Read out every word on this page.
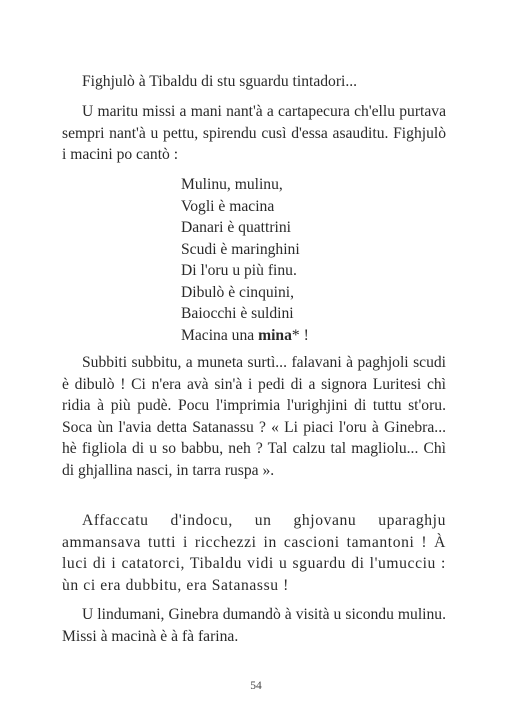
Fighjulò à Tibaldu di stu sguardu tintadori...

U maritu missi a mani nant'à a cartapecura ch'ellu purtava sempri nant'à u pettu, spirendu cusì d'essa asauditu. Fighjulò i macini po cantò :

Mulinu, mulinu,
Vogli è macina
Danari è quattrini
Scudi è maringhini
Di l'oru u più finu.
Dibulò è cinquini,
Baiocchi è suldini
Macina una mina* !

Subbiti subbitu, a muneta surtì... falavani à paghjoli scudi è dibulò ! Ci n'era avà sin'à i pedi di a signora Luritesi chì ridia à più pudè. Pocu l'imprimia l'urighjini di tuttu st'oru. Soca ùn l'avia detta Satanassu ? « Li piaci l'oru à Ginebra... hè figliola di u so babbu, neh ? Tal calzu tal magliolu... Chì di ghjallina nasci, in tarra ruspa ».

Affaccatu d'indocu, un ghjovanu uparaghju ammansava tutti i ricchezzi in cascioni tamantoni ! À luci di i catatorci, Tibaldu vidi u sguardu di l'umucciu : ùn ci era dubbitu, era Satanassu !

U lindumani, Ginebra dumandò à visità u sicondu mulinu. Missi à macinà è à fà farina.

54
